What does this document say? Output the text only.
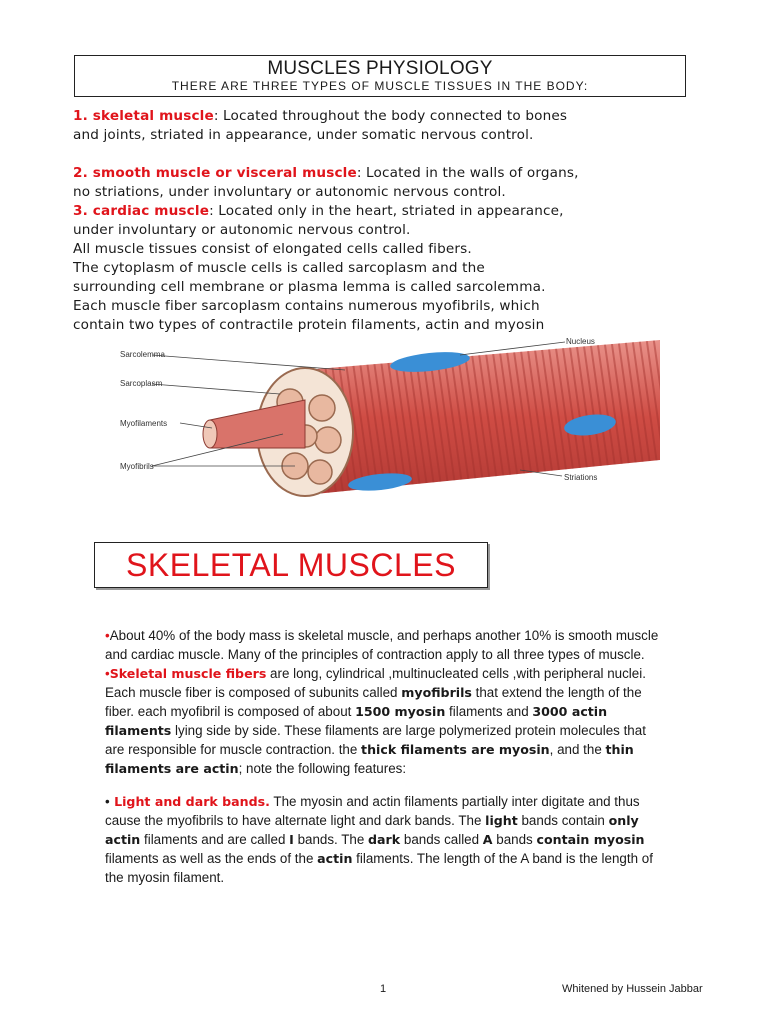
MUSCLES PHYSIOLOGY
THERE ARE THREE TYPES OF MUSCLE TISSUES IN THE BODY:

1. skeletal muscle: Located throughout the body connected to bones

and joints, striated in appearance, under somatic nervous control.

2. smooth muscle or visceral muscle: Located in the walls of organs,

no striations, under involuntary or autonomic nervous control.

3. cardiac muscle: Located only in the heart, striated in appearance,

under involuntary or autonomic nervous control.

All muscle tissues consist of elongated cells called fibers.

The cytoplasm of muscle cells is called sarcoplasm and the

surrounding cell membrane or plasma lemma is called sarcolemma.

Each muscle fiber sarcoplasm contains numerous myofibrils, which

contain two types of contractile protein filaments, actin and myosin

Sarcolemma
Sarcoplasm
Myofilaments
Myofibrils
Nucleus
Striations
SKELETAL MUSCLES

•About 40% of the body mass is skeletal muscle, and perhaps another 10% is smooth muscle and cardiac muscle. Many of the principles of contraction apply to all three types of muscle.

•Skeletal muscle fibers are long, cylindrical ,multinucleated cells ,with peripheral nuclei. Each muscle fiber is composed of subunits called myofibrils that extend the length of the fiber. each myofibril is composed of about 1500 myosin filaments and 3000 actin filaments lying side by side. These filaments are large polymerized protein molecules that are responsible for muscle contraction. the thick filaments are myosin, and the thin filaments are actin; note the following features:

• Light and dark bands. The myosin and actin filaments partially inter digitate and thus cause the myofibrils to have alternate light and dark bands. The light bands contain only actin filaments and are called I bands. The dark bands called A bands contain myosin filaments as well as the ends of the actin filaments. The length of the A band is the length of the myosin filament.

1	Whitened by Hussein Jabbar
